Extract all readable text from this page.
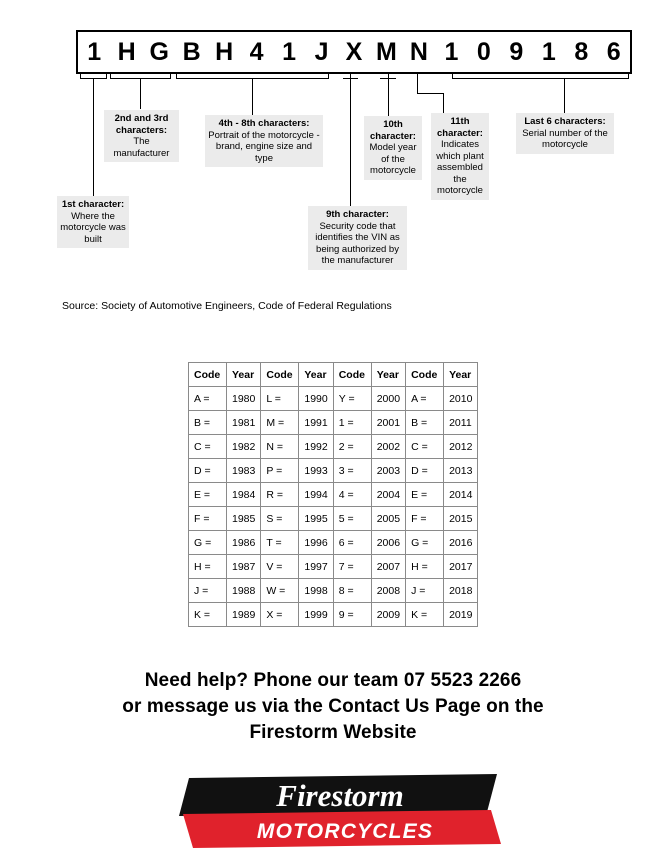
1 H G B H 4 1 J X M N 1 0 9 1 8 6
1st character:
Where the motorcycle was built
2nd and 3rd characters:
The manufacturer
4th - 8th characters:
Portrait of the motorcycle - brand, engine size and type
9th character:
Security code that identifies the VIN as being authorized by the manufacturer
10th character:
Model year of the motorcycle
11th character:
Indicates which plant assembled the motorcycle
Last 6 characters:
Serial number of the motorcycle
Source: Society of Automotive Engineers, Code of Federal Regulations
Code	Year	Code	Year	Code	Year	Code	Year
A =	1980	L =	1990	Y =	2000	A =	2010
B =	1981	M =	1991	1 =	2001	B =	2011
C =	1982	N =	1992	2 =	2002	C =	2012
D =	1983	P =	1993	3 =	2003	D =	2013
E =	1984	R =	1994	4 =	2004	E =	2014
F =	1985	S =	1995	5 =	2005	F =	2015
G =	1986	T =	1996	6 =	2006	G =	2016
H =	1987	V =	1997	7 =	2007	H =	2017
J =	1988	W =	1998	8 =	2008	J =	2018
K =	1989	X =	1999	9 =	2009	K =	2019
Need help? Phone our team 07 5523 2266
or message us via the Contact Us Page on the
Firestorm Website
Firestorm
MOTORCYCLES
